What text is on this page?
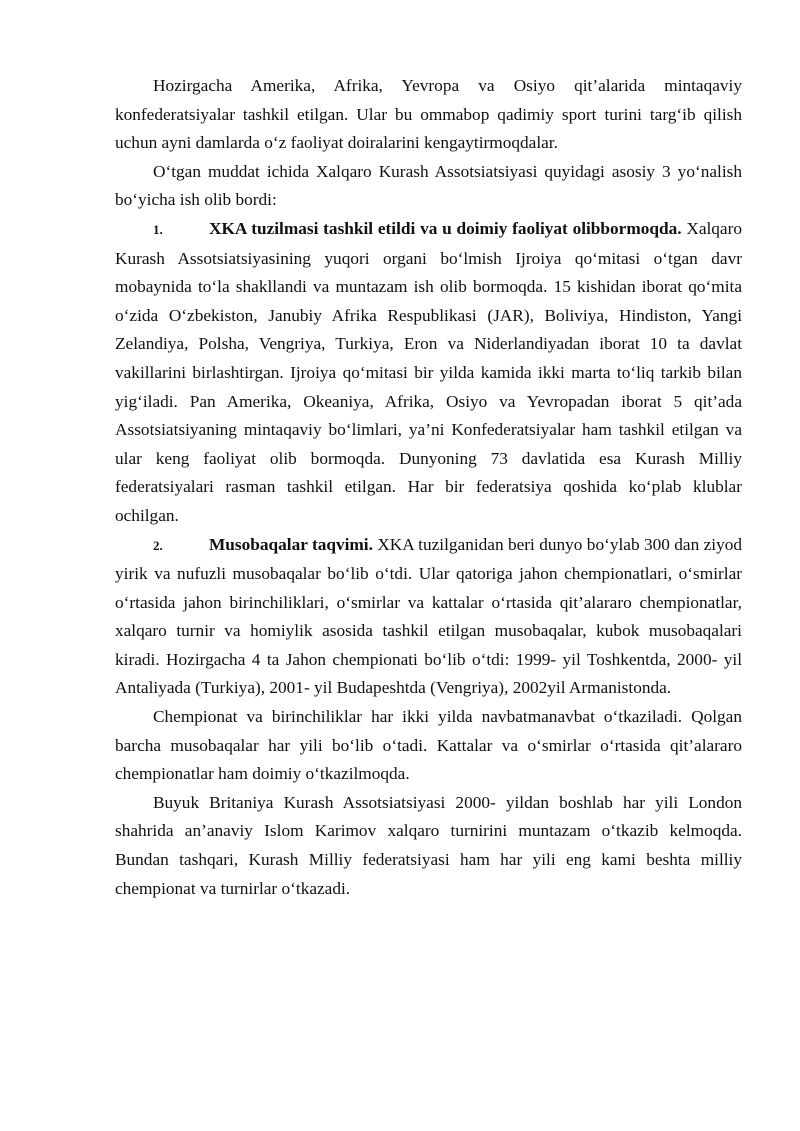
Hozirgacha Amerika, Afrika, Yevropa va Osiyo qit’alarida mintaqaviy konfederatsiyalar tashkil etilgan. Ular bu ommabop qadimiy sport turini targ‘ib qilish uchun ayni damlarda o‘z faoliyat doiralarini kengaytirmoqdalar.

O‘tgan muddat ichida Xalqaro Kurash Assotsiatsiyasi quyidagi asosiy 3 yo‘nalish bo‘yicha ish olib bordi:

1.	XKA tuzilmasi tashkil etildi va u doimiy faoliyat olibbormoqda. Xalqaro Kurash Assotsiatsiyasining yuqori organi bo‘lmish Ijroiya qo‘mitasi o‘tgan davr mobaynida to‘la shakllandi va muntazam ish olib bormoqda. 15 kishidan iborat qo‘mita o‘zida O‘zbekiston, Janubiy Afrika Respublikasi (JAR), Boliviya, Hindiston, Yangi Zelandiya, Polsha, Vengriya, Turkiya, Eron va Niderlandiyadan iborat 10 ta davlat vakillarini birlashtirgan. Ijroiya qo‘mitasi bir yilda kamida ikki marta to‘liq tarkib bilan yig‘iladi. Pan Amerika, Okeaniya, Afrika, Osiyo va Yevropadan iborat 5 qit’ada Assotsiatsiyaning mintaqaviy bo‘limlari, ya’ni Konfederatsiyalar ham tashkil etilgan va ular keng faoliyat olib bormoqda. Dunyoning 73 davlatida esa Kurash Milliy federatsiyalari rasman tashkil etilgan. Har bir federatsiya qoshida ko‘plab klublar ochilgan.

2.	Musobaqalar taqvimi. XKA tuzilganidan beri dunyo bo‘ylab 300 dan ziyod yirik va nufuzli musobaqalar bo‘lib o‘tdi. Ular qatoriga jahon chempionatlari, o‘smirlar o‘rtasida jahon birinchiliklari, o‘smirlar va kattalar o‘rtasida qit’alararo chempionatlar, xalqaro turnir va homiylik asosida tashkil etilgan musobaqalar, kubok musobaqalari kiradi. Hozirgacha 4 ta Jahon chempionati bo‘lib o‘tdi: 1999- yil Toshkentda, 2000- yil Antaliyada (Turkiya), 2001- yil Budapeshtda (Vengriya), 2002yil Armanistonda.

Chempionat va birinchiliklar har ikki yilda navbatmanavbat o‘tkaziladi. Qolgan barcha musobaqalar har yili bo‘lib o‘tadi. Kattalar va o‘smirlar o‘rtasida qit’alararo chempionatlar ham doimiy o‘tkazilmoqda.

Buyuk Britaniya Kurash Assotsiatsiyasi 2000- yildan boshlab har yili London shahrida an’anaviy Islom Karimov xalqaro turnirini muntazam o‘tkazib kelmoqda. Bundan tashqari, Kurash Milliy federatsiyasi ham har yili eng kami beshta milliy chempionat va turnirlar o‘tkazadi.
